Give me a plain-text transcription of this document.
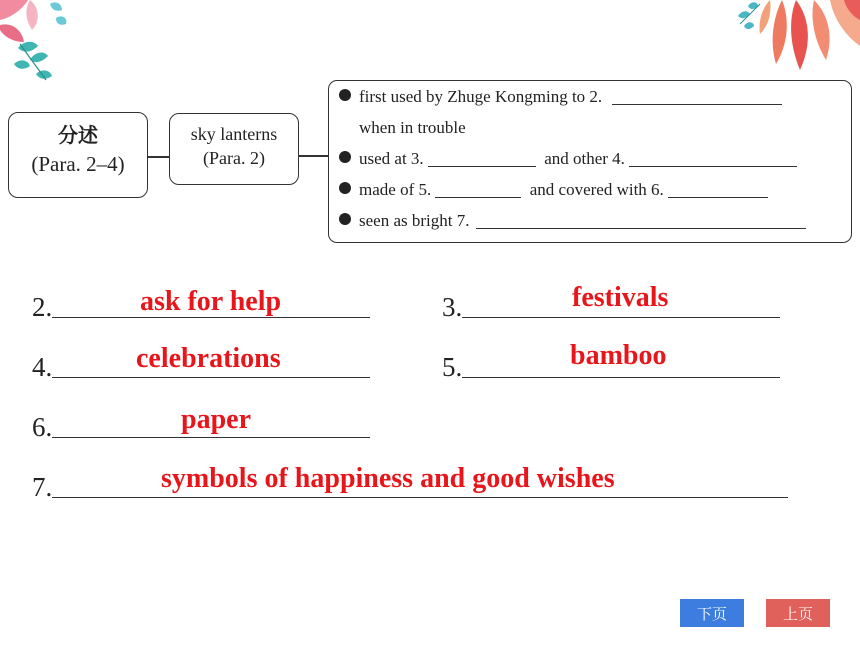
分述
(Para. 2–4)
sky lanterns
(Para. 2)
first used by Zhuge Kongming to 2.
when in trouble
used at 3.	and other 4.
made of 5.	and covered with 6.
seen as bright 7.
2.	ask for help	3.	festivals
4.	celebrations	5.	bamboo
6.	paper
7.	symbols of happiness and good wishes
下页	上页
